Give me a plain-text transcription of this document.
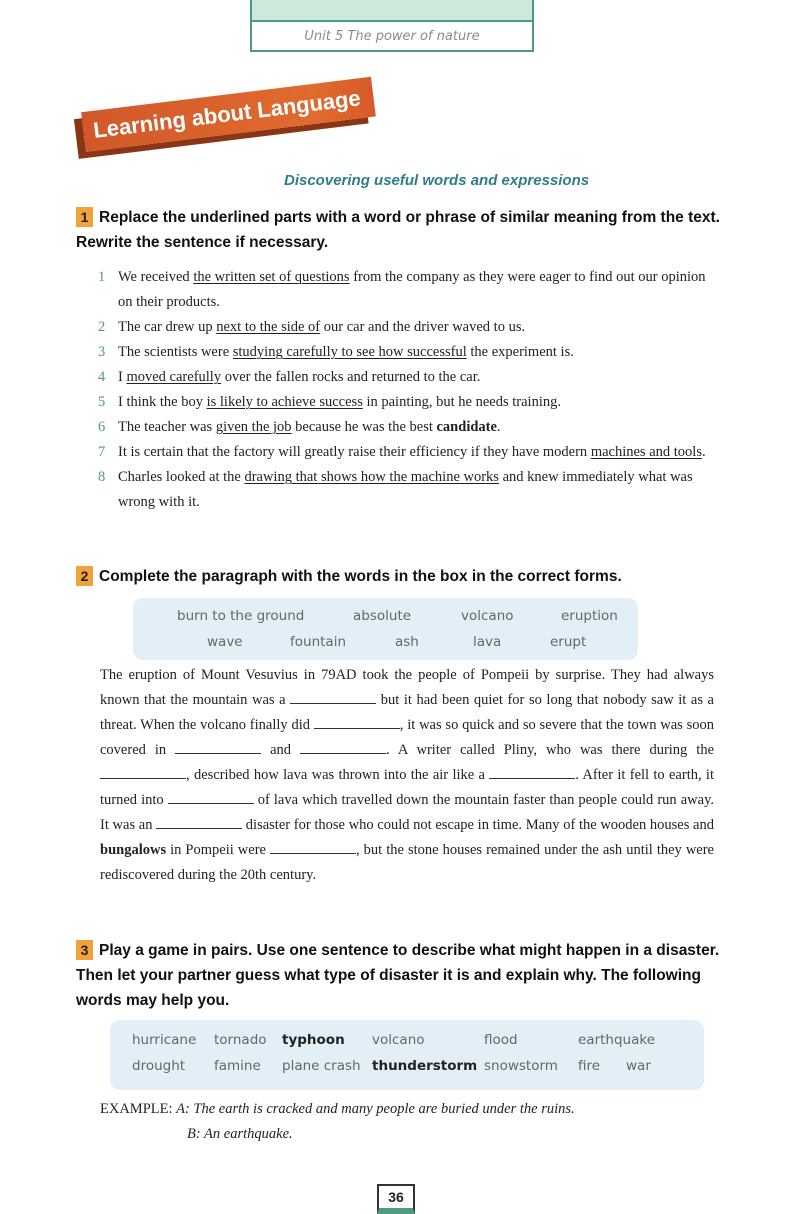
Unit 5 The power of nature
Learning about Language
Discovering useful words and expressions
1 Replace the underlined parts with a word or phrase of similar meaning from the text. Rewrite the sentence if necessary.
1 We received the written set of questions from the company as they were eager to find out our opinion on their products.
2 The car drew up next to the side of our car and the driver waved to us.
3 The scientists were studying carefully to see how successful the experiment is.
4 I moved carefully over the fallen rocks and returned to the car.
5 I think the boy is likely to achieve success in painting, but he needs training.
6 The teacher was given the job because he was the best candidate.
7 It is certain that the factory will greatly raise their efficiency if they have modern machines and tools.
8 Charles looked at the drawing that shows how the machine works and knew immediately what was wrong with it.
2 Complete the paragraph with the words in the box in the correct forms.
burn to the ground	absolute	volcano	eruption
wave	fountain	ash	lava	erupt
The eruption of Mount Vesuvius in 79AD took the people of Pompeii by surprise. They had always known that the mountain was a	but it had been quiet for so long that nobody saw it as a threat. When the volcano finally did	, it was so quick and so severe that the town was soon covered in	and	. A writer called Pliny, who was there during the , described how lava was thrown into the air like a	. After it fell to earth, it turned into	of lava which travelled down the mountain faster than people could run away. It was an	disaster for those who could not escape in time. Many of the wooden houses and bungalows in Pompeii were	, but the stone houses remained under the ash until they were rediscovered during the 20th century.
3 Play a game in pairs. Use one sentence to describe what might happen in a disaster. Then let your partner guess what type of disaster it is and explain why. The following words may help you.
hurricane tornado typhoon volcano	flood	earthquake
drought famine plane crash thunderstorm snowstorm fire war
EXAMPLE: A: The earth is cracked and many people are buried under the ruins.
B: An earthquake.
36
